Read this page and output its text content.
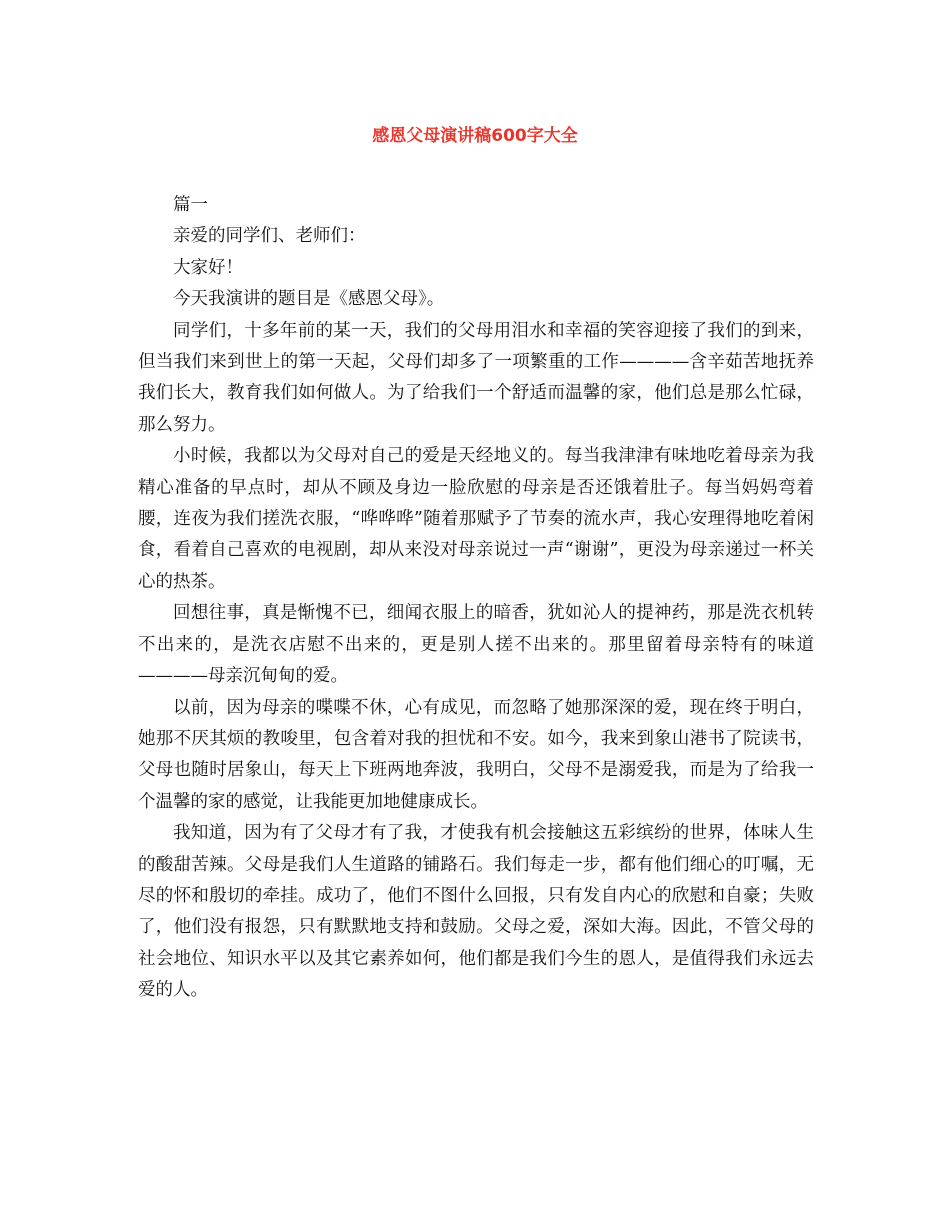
感恩父母演讲稿600字大全

篇一

亲爱的同学们、老师们：

大家好！

今天我演讲的题目是《感恩父母》。

同学们，十多年前的某一天，我们的父母用泪水和幸福的笑容迎接了我们的到来，但当我们来到世上的第一天起，父母们却多了一项繁重的工作————含辛茹苦地抚养我们长大，教育我们如何做人。为了给我们一个舒适而温馨的家，他们总是那么忙碌，那么努力。

小时候，我都以为父母对自己的爱是天经地义的。每当我津津有味地吃着母亲为我精心准备的早点时，却从不顾及身边一脸欣慰的母亲是否还饿着肚子。每当妈妈弯着腰，连夜为我们搓洗衣服，“哗哗哗”随着那赋予了节奏的流水声，我心安理得地吃着闲食，看着自己喜欢的电视剧，却从来没对母亲说过一声“谢谢”，更没为母亲递过一杯关心的热茶。

回想往事，真是惭愧不已，细闻衣服上的暗香，犹如沁人的提神药，那是洗衣机转不出来的，是洗衣店慰不出来的，更是别人搓不出来的。那里留着母亲特有的味道————母亲沉甸甸的爱。

以前，因为母亲的喋喋不休，心有成见，而忽略了她那深深的爱，现在终于明白，她那不厌其烦的教唆里，包含着对我的担忧和不安。如今，我来到象山港书了院读书，父母也随时居象山，每天上下班两地奔波，我明白，父母不是溺爱我，而是为了给我一个温馨的家的感觉，让我能更加地健康成长。

我知道，因为有了父母才有了我，才使我有机会接触这五彩缤纷的世界，体味人生的酸甜苦辣。父母是我们人生道路的铺路石。我们每走一步，都有他们细心的叮嘱，无尽的怀和殷切的牵挂。成功了，他们不图什么回报，只有发自内心的欣慰和自豪；失败了，他们没有报怨，只有默默地支持和鼓励。父母之爱，深如大海。因此，不管父母的社会地位、知识水平以及其它素养如何，他们都是我们今生的恩人，是值得我们永远去爱的人。
